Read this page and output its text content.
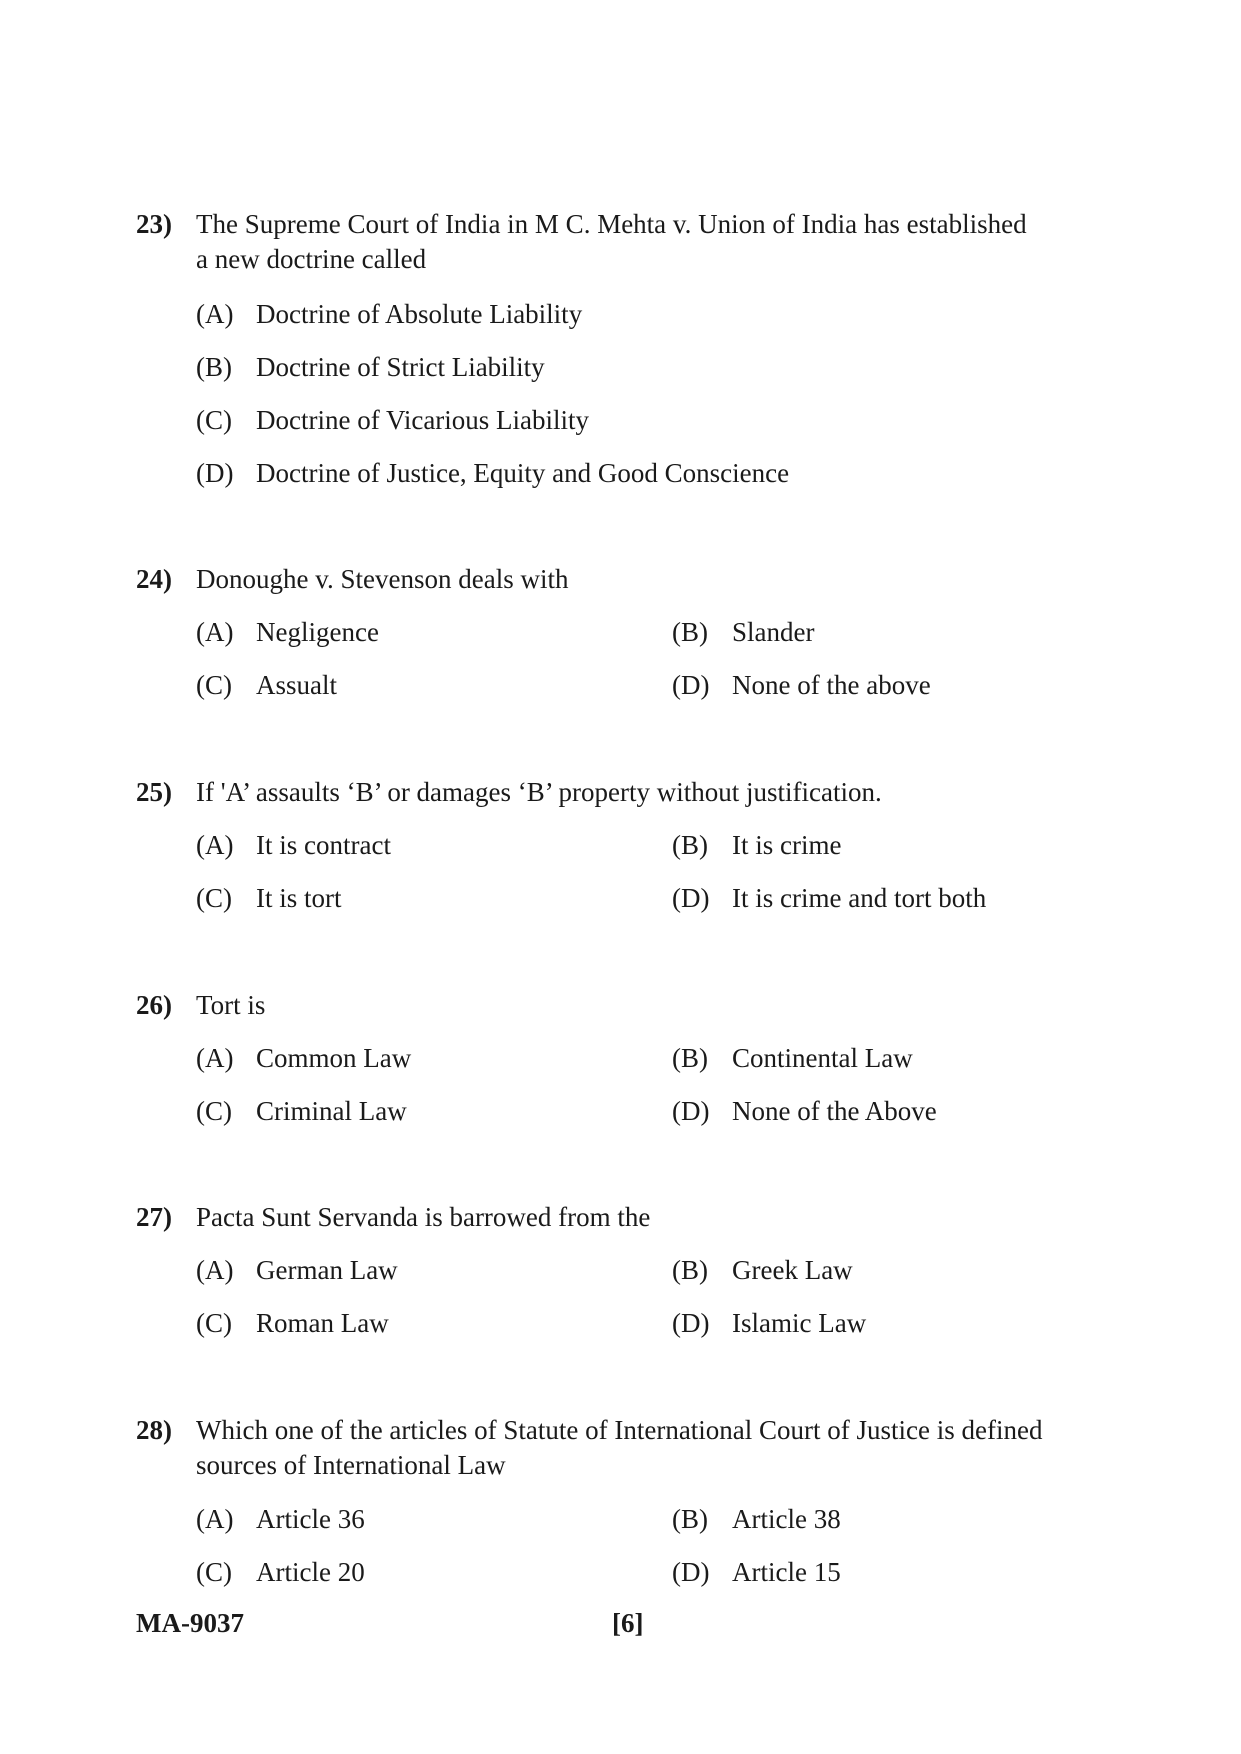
23) The Supreme Court of India in M C. Mehta v. Union of India has established
a new doctrine called
(A) Doctrine of Absolute Liability
(B) Doctrine of Strict Liability
(C) Doctrine of Vicarious Liability
(D) Doctrine of Justice, Equity and Good Conscience
24) Donoughe v. Stevenson deals with
(A) Negligence	(B) Slander
(C) Assualt	(D) None of the above
25) If 'A’ assaults ‘B’ or damages ‘B’ property without justification.
(A) It is contract	(B) It is crime
(C) It is tort	(D) It is crime and tort both
26) Tort is
(A) Common Law	(B) Continental Law
(C) Criminal Law	(D) None of the Above
27) Pacta Sunt Servanda is barrowed from the
(A) German Law	(B) Greek Law
(C) Roman Law	(D) Islamic Law
28) Which one of the articles of Statute of International Court of Justice is defined
sources of International Law
(A) Article 36	(B) Article 38
(C) Article 20	(D) Article 15
MA-9037	[6]
